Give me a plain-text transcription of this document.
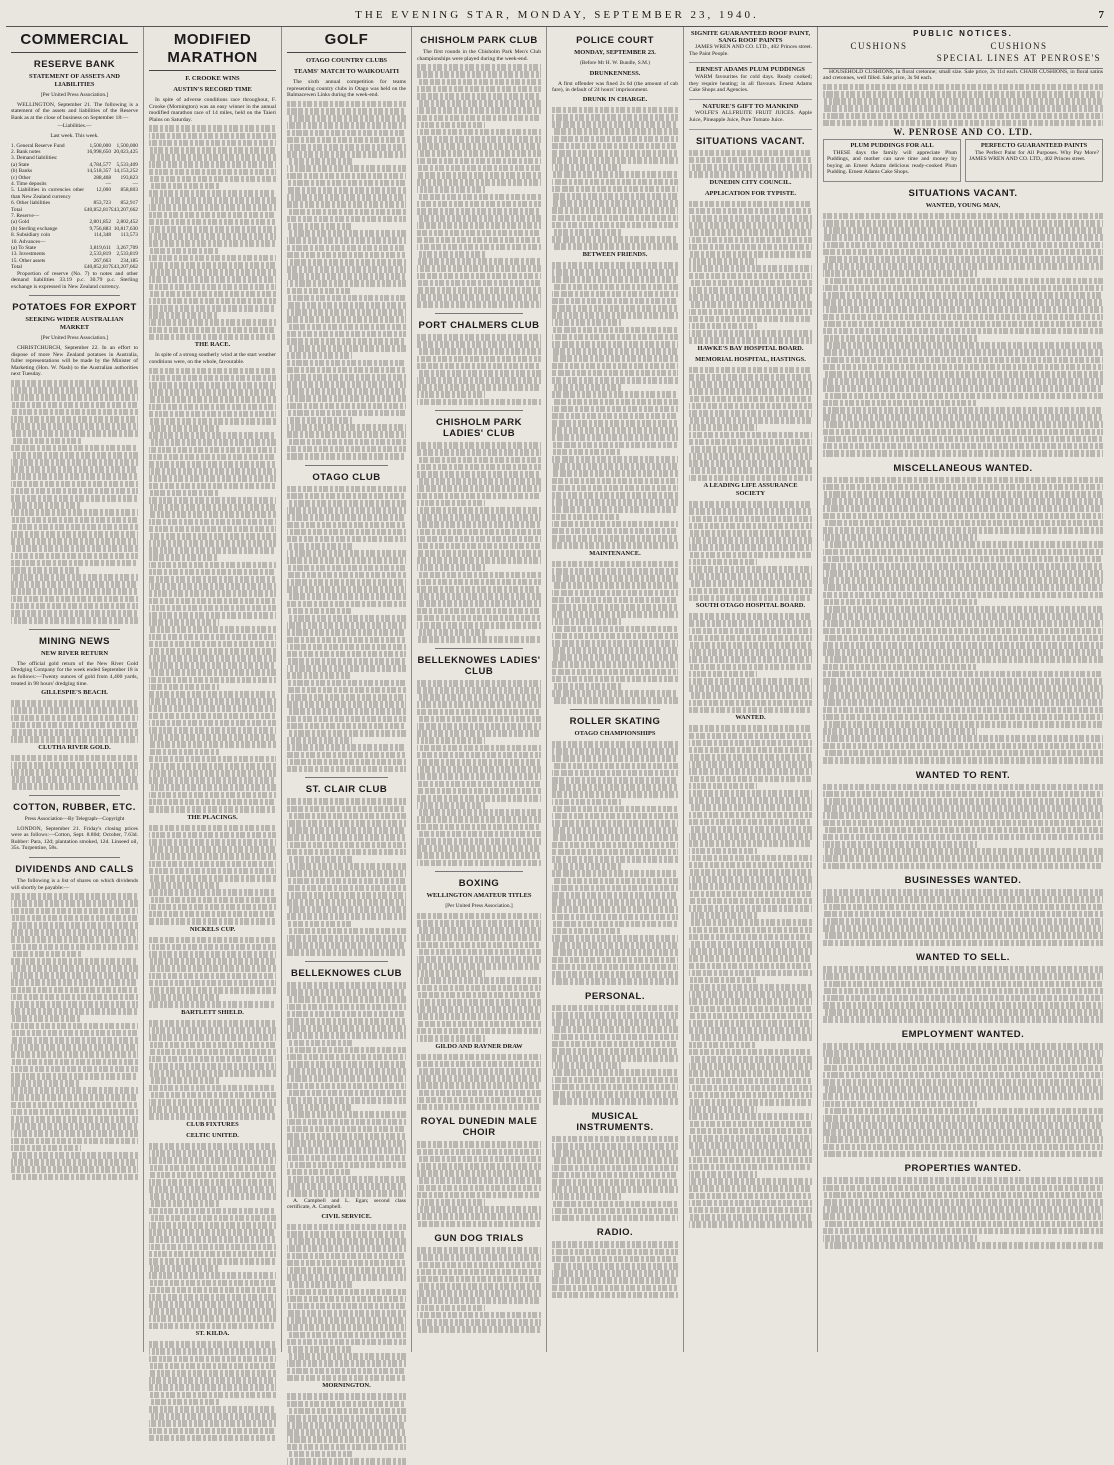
THE EVENING STAR, MONDAY, SEPTEMBER 23, 1940.	7
COMMERCIAL
RESERVE BANK
STATEMENT OF ASSETS AND LIABILITIES
[Per United Press Association.]

WELLINGTON, September 21. The following is a statement of the assets and liabilities of the Reserve Bank as at the close of business on September 18:—

—Liabilities.—
Last week. This week.
1. General Reserve Fund	1,500,000	1,500,000
2. Bank notes	16,998,650	20,023,425
3. Demand liabilities:		
(a) State	4,784,577	5,533,409
(b) Banks	14,518,357	14,153,252
(c) Other	288,468	193,823
4. Time deposits	—	—
5. Liabilities in currencies other than New Zealand currency	12,000	858,803
6. Other liabilities	853,723	852,917
Total	£40,852,817	£43,207,662
7. Reserve—		
(a) Gold	2,801,852	2,802,452
(b) Sterling exchange	9,756,883	10,817,630
8. Subsidiary coin	114,348	113,573
10. Advances—		
(a) To State	3,819,611	3,267,709
13. Investments	2,533,819	2,533,819
15. Other assets	267,663	234,185
Total	£40,852,817	£43,207,662

Proportion of reserve (No. 7) to notes and other demand liabilities 33.19 p.c. 30.79 p.c. Sterling exchange is expressed in New Zealand currency.

POTATOES FOR EXPORT
SEEKING WIDER AUSTRALIAN MARKET
[Per United Press Association.]

CHRISTCHURCH, September 22. In an effort to dispose of more New Zealand potatoes in Australia, fuller representations will be made by the Minister of Marketing (Hon. W. Nash) to the Australian authorities next Tuesday.

MINING NEWS
NEW RIVER RETURN

The official gold return of the New River Gold Dredging Company for the week ended September 18 is as follows:—Twenty ounces of gold from 4,400 yards, treated in 98 hours' dredging time.

GILLESPIE'S BEACH.
CLUTHA RIVER GOLD.
COTTON, RUBBER, ETC.
Press Association—By Telegraph—Copyright

LONDON, September 21. Friday's closing prices were as follows:—Cotton, Sept. 8.80d; October, 7.63d. Rubber: Para, 12d; plantation smoked, 12d. Linseed oil, 35s. Turpentine, 58s.

DIVIDENDS AND CALLS

The following is a list of shares on which dividends will shortly be payable:—

MODIFIED MARATHON
F. CROOKE WINS
AUSTIN'S RECORD TIME

In spite of adverse conditions race throughout, F. Crooke (Mornington) was an easy winner in the annual modified marathon race of 14 miles, held on the Taieri Plains on Saturday.

THE RACE.

In spite of a strong southerly wind at the start weather conditions were, on the whole, favourable.

THE PLACINGS.
NICKELS CUP.
BARTLETT SHIELD.
CLUB FIXTURES
CELTIC UNITED.
ST. KILDA.
GOLF
OTAGO COUNTRY CLUBS
TEAMS' MATCH TO WAIKOUAITI

The sixth annual competition for teams representing country clubs in Otago was held on the Balmacewen Links during the week-end.

OTAGO CLUB
ST. CLAIR CLUB
BELLEKNOWES CLUB

A. Campbell and L. Egan; second class certificate, A. Campbell.

CIVIL SERVICE.
MORNINGTON.
CHISHOLM PARK CLUB

The first rounds in the Chisholm Park Men's Club championships were played during the week-end.

PORT CHALMERS CLUB
CHISHOLM PARK LADIES' CLUB
BELLEKNOWES LADIES' CLUB
BOXING
WELLINGTON AMATEUR TITLES
[Per United Press Association.]
GILDO AND RAYNER DRAW
ROYAL DUNEDIN MALE CHOIR
GUN DOG TRIALS
POLICE COURT
MONDAY, SEPTEMBER 23.
(Before Mr H. W. Bundle, S.M.)
DRUNKENNESS.

A first offender was fined 2s 6d (the amount of cab fare), in default of 24 hours' imprisonment.

DRUNK IN CHARGE.
BETWEEN FRIENDS.
MAINTENANCE.
ROLLER SKATING
OTAGO CHAMPIONSHIPS
PERSONAL.
MUSICAL INSTRUMENTS.
RADIO.
SIGNITE GUARANTEED ROOF PAINT, SANG ROOF PAINTS

JAMES WREN AND CO. LTD., 402 Princes street. The Paint People.

ERNEST ADAMS PLUM PUDDINGS

WARM favourites for cold days. Ready cooked; they require heating; in all flavours. Ernest Adams Cake Shops and Agencies.

NATURE'S GIFT TO MANKIND

WOLFE'S ALLFRUITE FRUIT JUICES. Apple Juice, Pineapple Juice, Pure Tomato Juice.

SITUATIONS VACANT.
DUNEDIN CITY COUNCIL.
APPLICATION FOR TYPISTE.
HAWKE'S BAY HOSPITAL BOARD.
MEMORIAL HOSPITAL, HASTINGS.
A LEADING LIFE ASSURANCE SOCIETY
SOUTH OTAGO HOSPITAL BOARD.
WANTED.
PUBLIC NOTICES.
CUSHIONS	CUSHIONS
SPECIAL LINES AT PENROSE'S

HOUSEHOLD CUSHIONS, in floral cretonne; small size. Sale price, 2s 11d each. CHAIR CUSHIONS, in floral satins and cretonnes, well filled. Sale price, 3s 9d each.

W. PENROSE AND CO. LTD.
PLUM PUDDINGS FOR ALL

THESE days the family will appreciate Plum Puddings, and mother can save time and money by buying an Ernest Adams delicious ready-cooked Plum Pudding. Ernest Adams Cake Shops.

PERFECTO GUARANTEED PAINTS

The Perfect Paint for All Purposes. Why Pay More? JAMES WREN AND CO. LTD., 402 Princes street.

SITUATIONS VACANT.
WANTED, YOUNG MAN,
MISCELLANEOUS WANTED.
WANTED TO RENT.
BUSINESSES WANTED.
WANTED TO SELL.
EMPLOYMENT WANTED.
PROPERTIES WANTED.
